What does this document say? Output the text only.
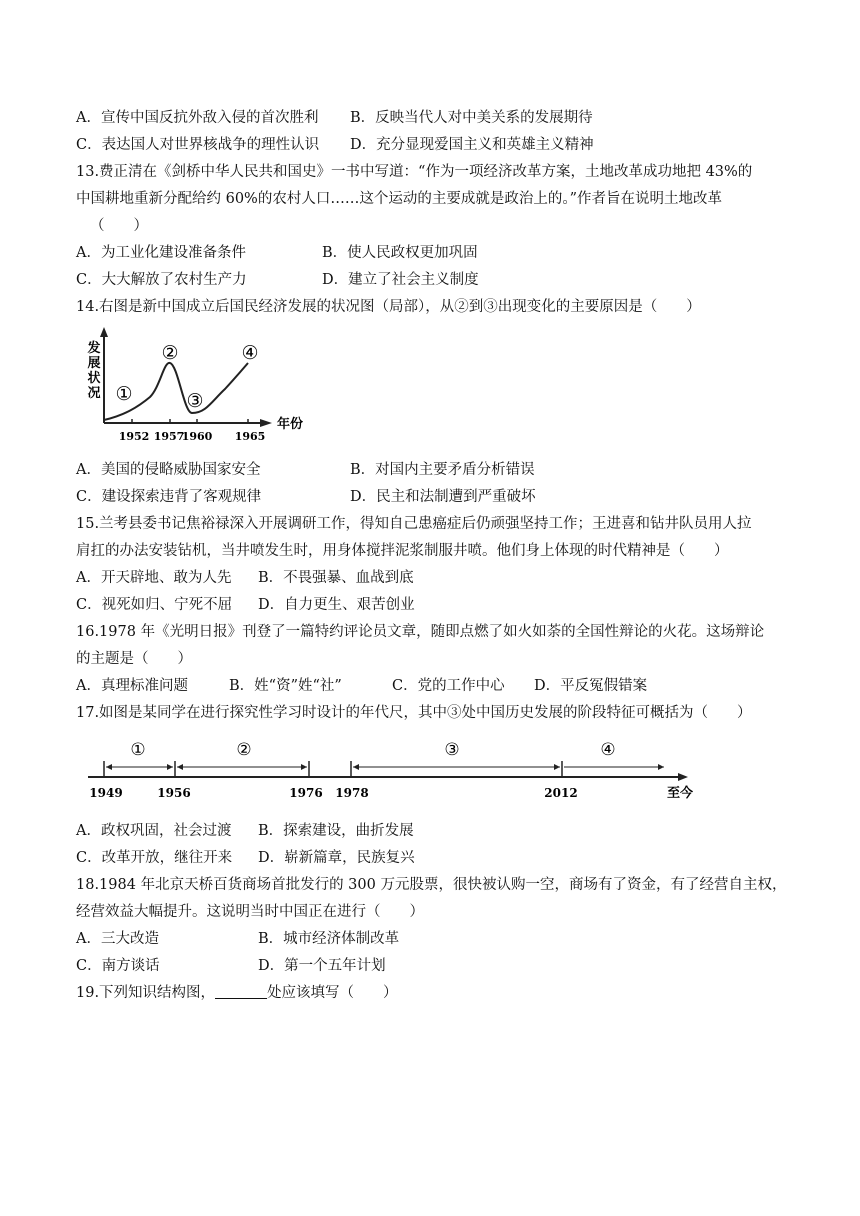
A．宣传中国反抗外敌入侵的首次胜利 B．反映当代人对中美关系的发展期待
C．表达国人对世界核战争的理性认识 D．充分显现爱国主义和英雄主义精神
13.费正清在《剑桥中华人民共和国史》一书中写道：“作为一项经济改革方案，土地改革成功地把 43%的
中国耕地重新分配给约 60%的农村人口……这个运动的主要成就是政治上的。”作者旨在说明土地改革
（　　）
A．为工业化建设准备条件	B．使人民政权更加巩固
C．大大解放了农村生产力	D．建立了社会主义制度
14.右图是新中国成立后国民经济发展的状况图（局部），从②到③出现变化的主要原因是（　　）
发
展
状
况 ①
②
③
④
1952 1957
1960 1965
年份
A．美国的侵略威胁国家安全	B．对国内主要矛盾分析错误
C．建设探索违背了客观规律	D．民主和法制遭到严重破坏
15.兰考县委书记焦裕禄深入开展调研工作，得知自己患癌症后仍顽强坚持工作；王进喜和钻井队员用人拉
肩扛的办法安装钻机，当井喷发生时，用身体搅拌泥浆制服井喷。他们身上体现的时代精神是（　　）
A．开天辟地、敢为人先 B．不畏强暴、血战到底
C．视死如归、宁死不屈 D．自力更生、艰苦创业
16.1978 年《光明日报》刊登了一篇特约评论员文章，随即点燃了如火如荼的全国性辩论的火花。这场辩论
的主题是（　　）
A．真理标准问题	B．姓“资”姓“社”	C．党的工作中心 D．平反冤假错案
17.如图是某同学在进行探究性学习时设计的年代尺，其中③处中国历史发展的阶段特征可概括为（　　）
①	②	③	④
1949	1956	1976 1978	2012	至今
A．政权巩固，社会过渡 B．探索建设，曲折发展
C．改革开放，继往开来 D．崭新篇章，民族复兴
18.1984 年北京天桥百货商场首批发行的 300 万元股票，很快被认购一空，商场有了资金，有了经营自主权，
经营效益大幅提升。这说明当时中国正在进行（　　）
A．三大改造	B．城市经济体制改革
C．南方谈话	D．第一个五年计划
19.下列知识结构图，	处应该填写（　　）
